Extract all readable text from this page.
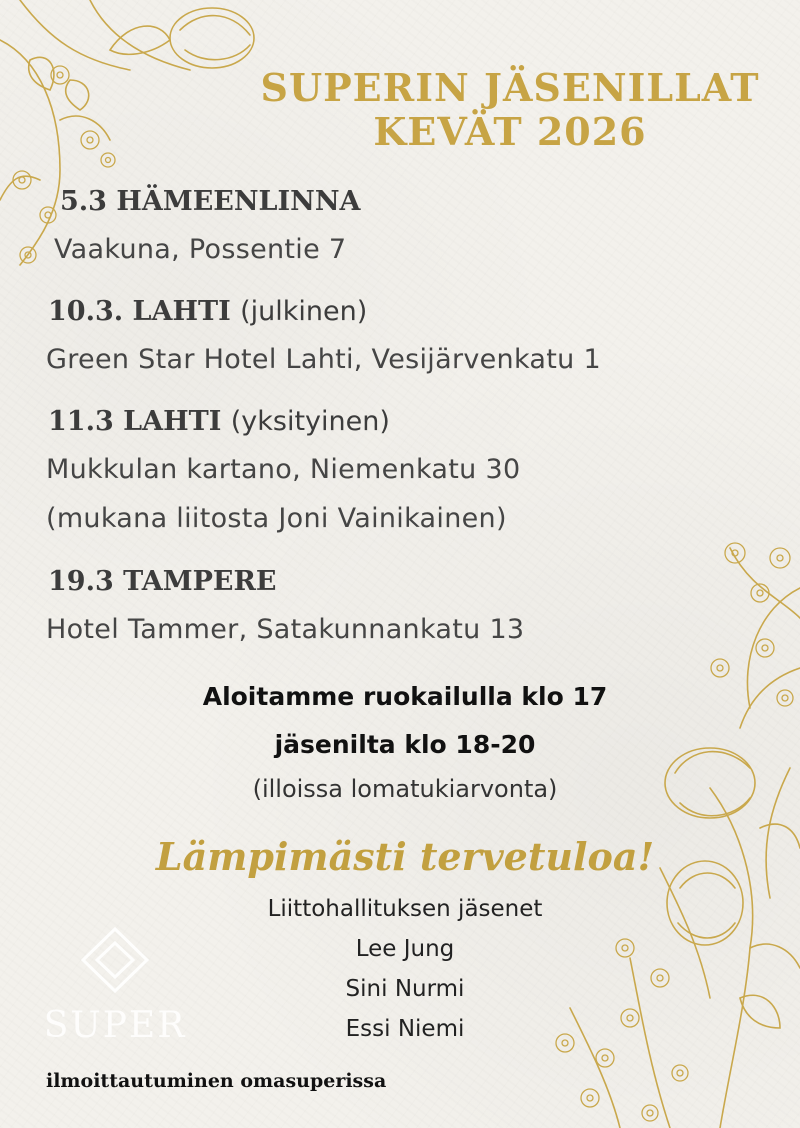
SUPERIN JÄSENILLAT
KEVÄT 2026
5.3 HÄMEENLINNA
Vaakuna, Possentie 7
10.3. LAHTI (julkinen)
Green Star Hotel Lahti, Vesijärvenkatu 1
11.3 LAHTI (yksityinen)
Mukkulan kartano, Niemenkatu 30
(mukana liitosta Joni Vainikainen)
19.3 TAMPERE
Hotel Tammer, Satakunnankatu 13
Aloitamme ruokailulla klo 17
jäsenilta klo 18-20
(illoissa lomatukiarvonta)
Lämpimästi tervetuloa!
Liittohallituksen jäsenet
Lee Jung
Sini Nurmi
Essi Niemi
SUPER
ilmoittautuminen omasuperissa
